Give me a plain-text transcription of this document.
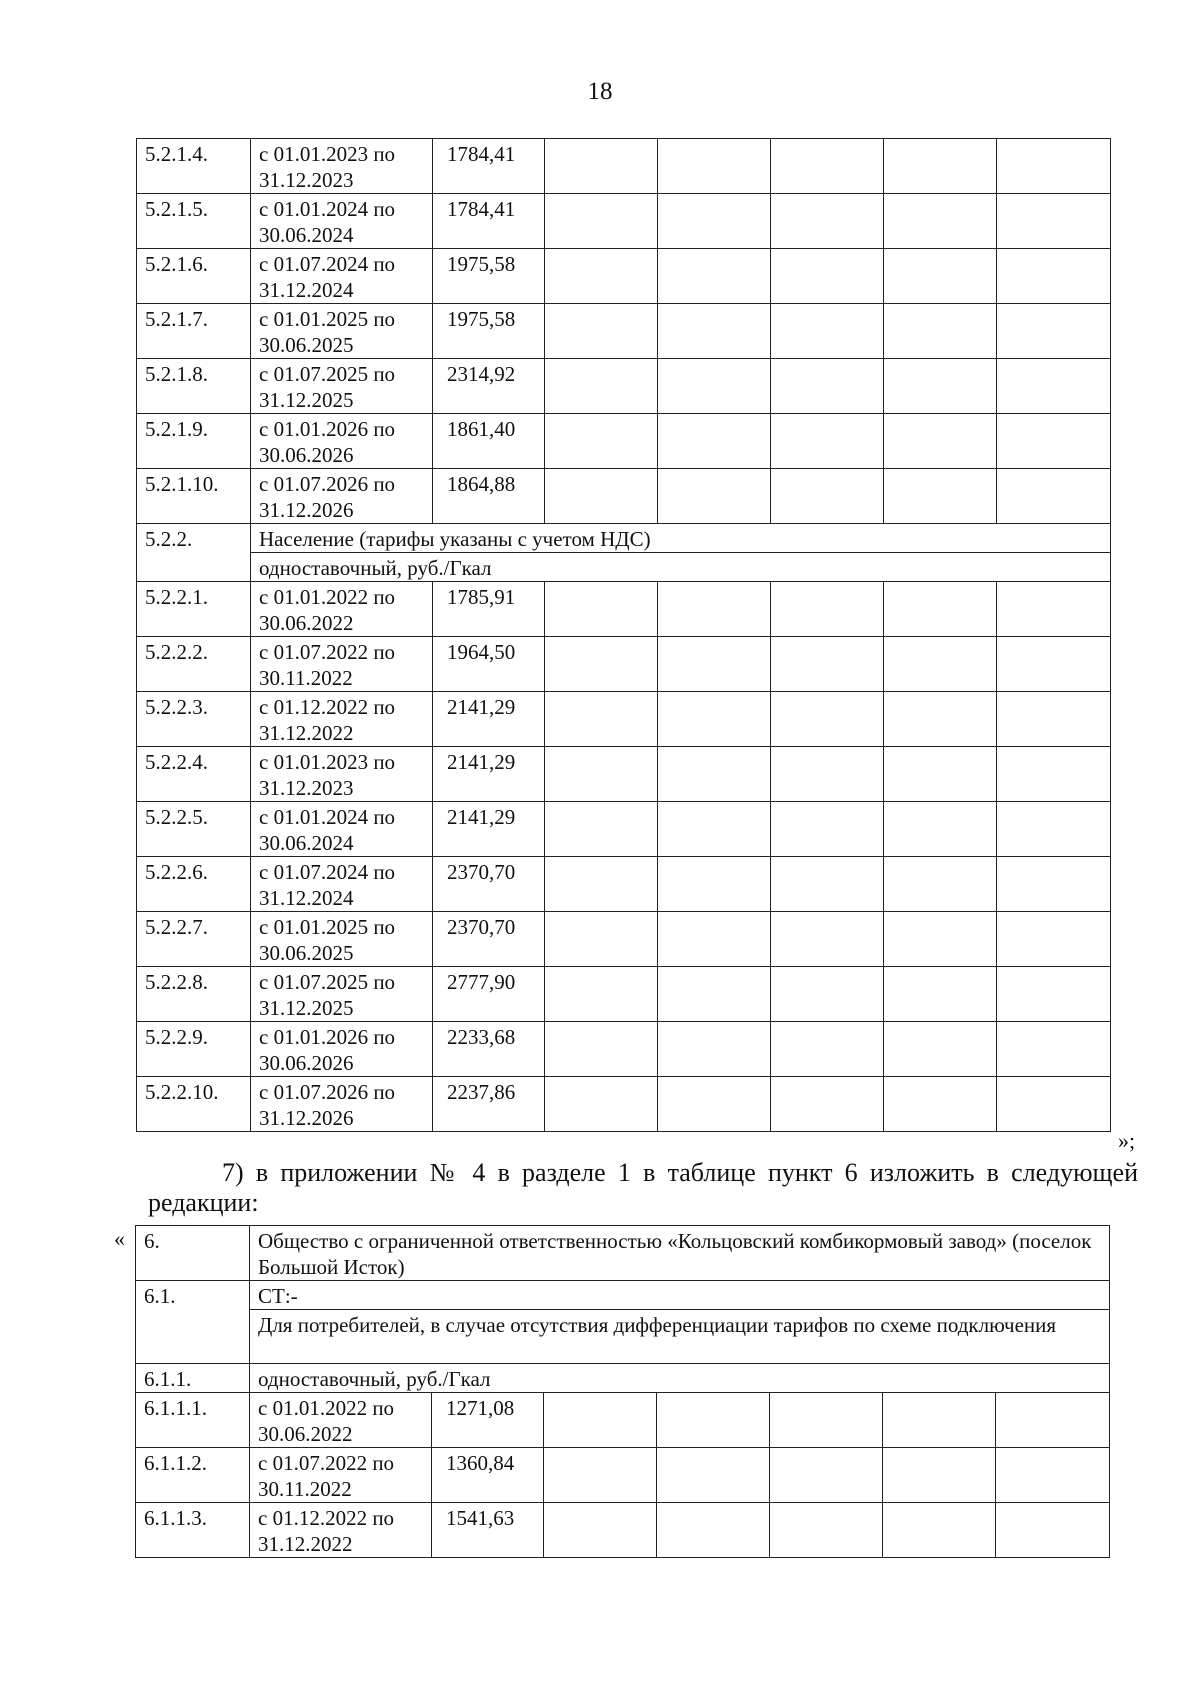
18
5.2.1.4.	с 01.01.2023 по 31.12.2023	1784,41					
5.2.1.5.	с 01.01.2024 по 30.06.2024	1784,41					
5.2.1.6.	с 01.07.2024 по 31.12.2024	1975,58					
5.2.1.7.	с 01.01.2025 по 30.06.2025	1975,58					
5.2.1.8.	с 01.07.2025 по 31.12.2025	2314,92					
5.2.1.9.	с 01.01.2026 по 30.06.2026	1861,40					
5.2.1.10.	с 01.07.2026 по 31.12.2026	1864,88					
5.2.2.	Население (тарифы указаны с учетом НДС)						
	одноставочный, руб./Гкал						
5.2.2.1.	с 01.01.2022 по 30.06.2022	1785,91					
5.2.2.2.	с 01.07.2022 по 30.11.2022	1964,50					
5.2.2.3.	с 01.12.2022 по 31.12.2022	2141,29					
5.2.2.4.	с 01.01.2023 по 31.12.2023	2141,29					
5.2.2.5.	с 01.01.2024 по 30.06.2024	2141,29					
5.2.2.6.	с 01.07.2024 по 31.12.2024	2370,70					
5.2.2.7.	с 01.01.2025 по 30.06.2025	2370,70					
5.2.2.8.	с 01.07.2025 по 31.12.2025	2777,90					
5.2.2.9.	с 01.01.2026 по 30.06.2026	2233,68					
5.2.2.10.	с 01.07.2026 по 31.12.2026	2237,86					
»;
7) в приложении № 4 в разделе 1 в таблице пункт 6 изложить в следующей
редакции:
« 6.	Общество с ограниченной ответственностью «Кольцовский комбикормовый завод» (поселок Большой Исток)						
6.1.	СТ:-						
	Для потребителей, в случае отсутствия дифференциации тарифов по схеме подключения						
6.1.1.	одноставочный, руб./Гкал						
6.1.1.1.	с 01.01.2022 по 30.06.2022	1271,08					
6.1.1.2.	с 01.07.2022 по 30.11.2022	1360,84					
6.1.1.3.	с 01.12.2022 по 31.12.2022	1541,63					
